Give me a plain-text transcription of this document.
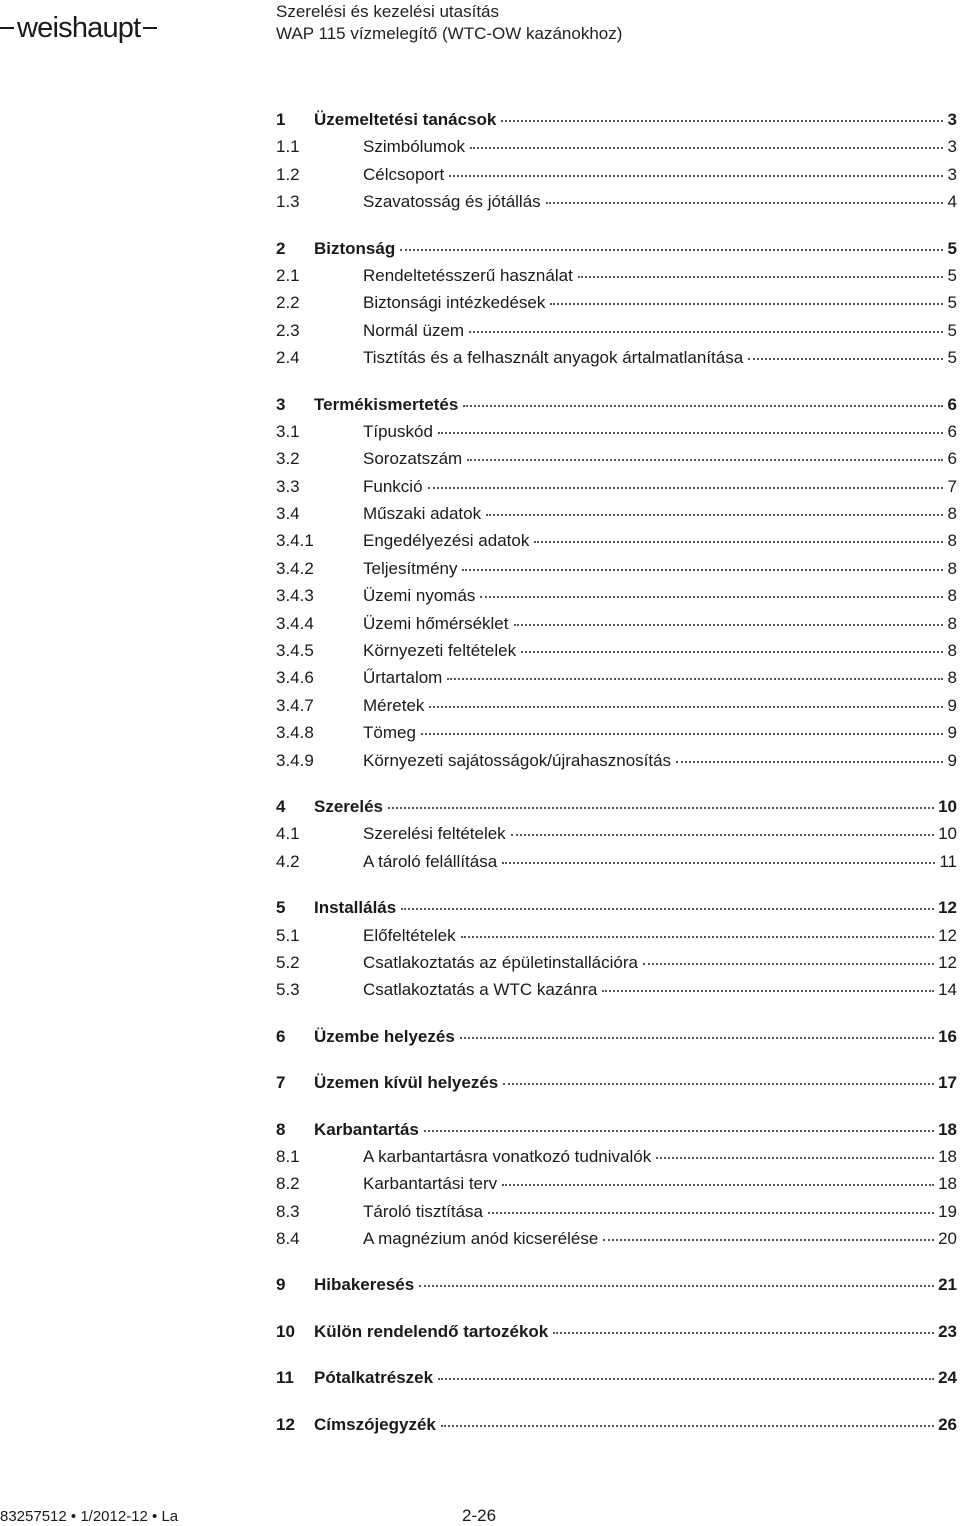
weishaupt	Szerelési és kezelési utasítás
WAP 115 vízmelegítő (WTC-OW kazánokhoz)
1	Üzemeltetési tanácsok	3
1.1	Szimbólumok	3
1.2	Célcsoport	3
1.3	Szavatosság és jótállás	4
2	Biztonság	5
2.1	Rendeltetésszerű használat	5
2.2	Biztonsági intézkedések	5
2.3	Normál üzem	5
2.4	Tisztítás és a felhasznált anyagok ártalmatlanítása	5
3	Termékismertetés	6
3.1	Típuskód	6
3.2	Sorozatszám	6
3.3	Funkció	7
3.4	Műszaki adatok	8
3.4.1	Engedélyezési adatok	8
3.4.2	Teljesítmény	8
3.4.3	Üzemi nyomás	8
3.4.4	Üzemi hőmérséklet	8
3.4.5	Környezeti feltételek	8
3.4.6	Űrtartalom	8
3.4.7	Méretek	9
3.4.8	Tömeg	9
3.4.9	Környezeti sajátosságok/újrahasznosítás	9
4	Szerelés	10
4.1	Szerelési feltételek	10
4.2	A tároló felállítása	11
5	Installálás	12
5.1	Előfeltételek	12
5.2	Csatlakoztatás az épületinstallációra	12
5.3	Csatlakoztatás a WTC kazánra	14
6	Üzembe helyezés	16
7	Üzemen kívül helyezés	17
8	Karbantartás	18
8.1	A karbantartásra vonatkozó tudnivalók	18
8.2	Karbantartási terv	18
8.3	Tároló tisztítása	19
8.4	A magnézium anód kicserélése	20
9	Hibakeresés	21
10	Külön rendelendő tartozékok	23
11	Pótalkatrészek	24
12	Címszójegyzék	26
83257512 • 1/2012-12 • La	2-26
